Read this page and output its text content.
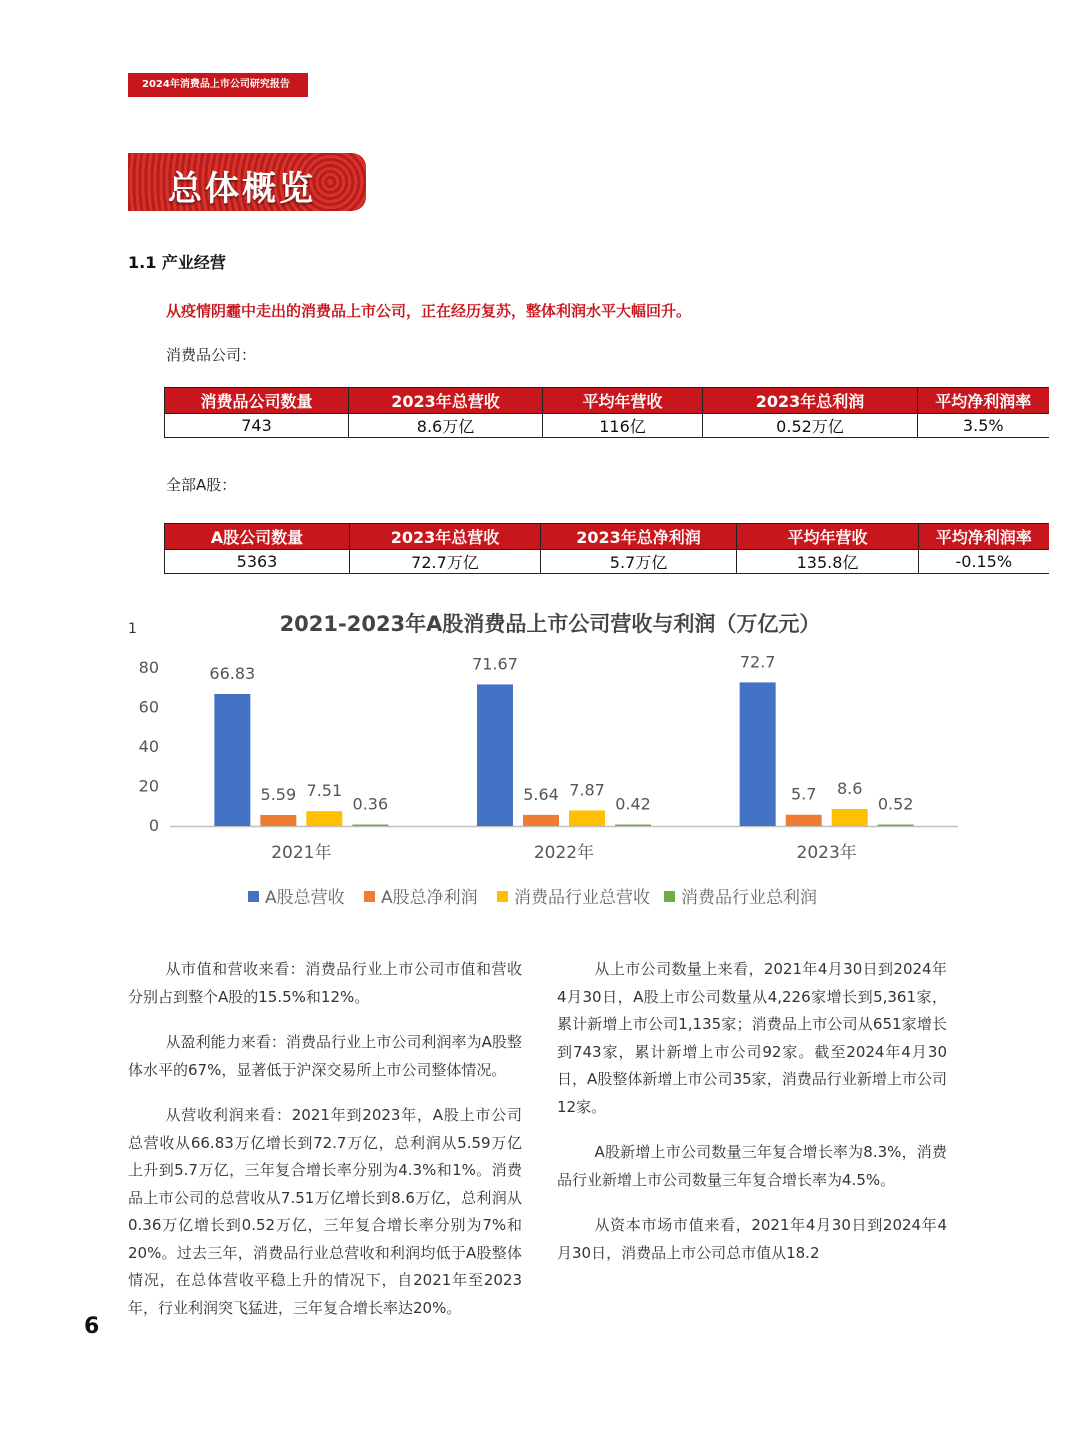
2024年消费品上市公司研究报告
总体概览
1.1 产业经营
从疫情阴霾中走出的消费品上市公司，正在经历复苏，整体利润水平大幅回升。
消费品公司：
消费品公司数量	2023年总营收	平均年营收	2023年总利润	平均净利润率
743	8.6万亿	116亿	0.52万亿	3.5%
全部A股：
A股公司数量	2023年总营收	2023年总净利润	平均年营收	平均净利润率
5363	72.7万亿	5.7万亿	135.8亿	-0.15%
1	2021-2023年A股消费品上市公司营收与利润（万亿元）
0
20
40
60
80	66.83
5.59 7.51
0.36
2021年
71.67
5.64 7.87
0.42
2022年
72.7
5.7 8.6
0.52
2023年
A股总营收 A股总净利润 消费品行业总营收 消费品行业总利润

从市值和营收来看：消费品行业上市公司市值和营收分别占到整个A股的15.5%和12%。

从盈利能力来看：消费品行业上市公司利润率为A股整体水平的67%，显著低于沪深交易所上市公司整体情况。

从营收利润来看：2021年到2023年，A股上市公司总营收从66.83万亿增长到72.7万亿，总利润从5.59万亿上升到5.7万亿，三年复合增长率分别为4.3%和1%。消费品上市公司的总营收从7.51万亿增长到8.6万亿，总利润从0.36万亿增长到0.52万亿，三年复合增长率分别为7%和20%。过去三年，消费品行业总营收和利润均低于A股整体情况，在总体营收平稳上升的情况下，自2021年至2023年，行业利润突飞猛进，三年复合增长率达20%。

从上市公司数量上来看，2021年4月30日到2024年4月30日，A股上市公司数量从4,226家增长到5,361家，累计新增上市公司1,135家；消费品上市公司从651家增长到743家，累计新增上市公司92家。截至2024年4月30日，A股整体新增上市公司35家，消费品行业新增上市公司12家。

A股新增上市公司数量三年复合增长率为8.3%，消费品行业新增上市公司数量三年复合增长率为4.5%。

从资本市场市值来看，2021年4月30日到2024年4月30日，消费品上市公司总市值从18.2

6
